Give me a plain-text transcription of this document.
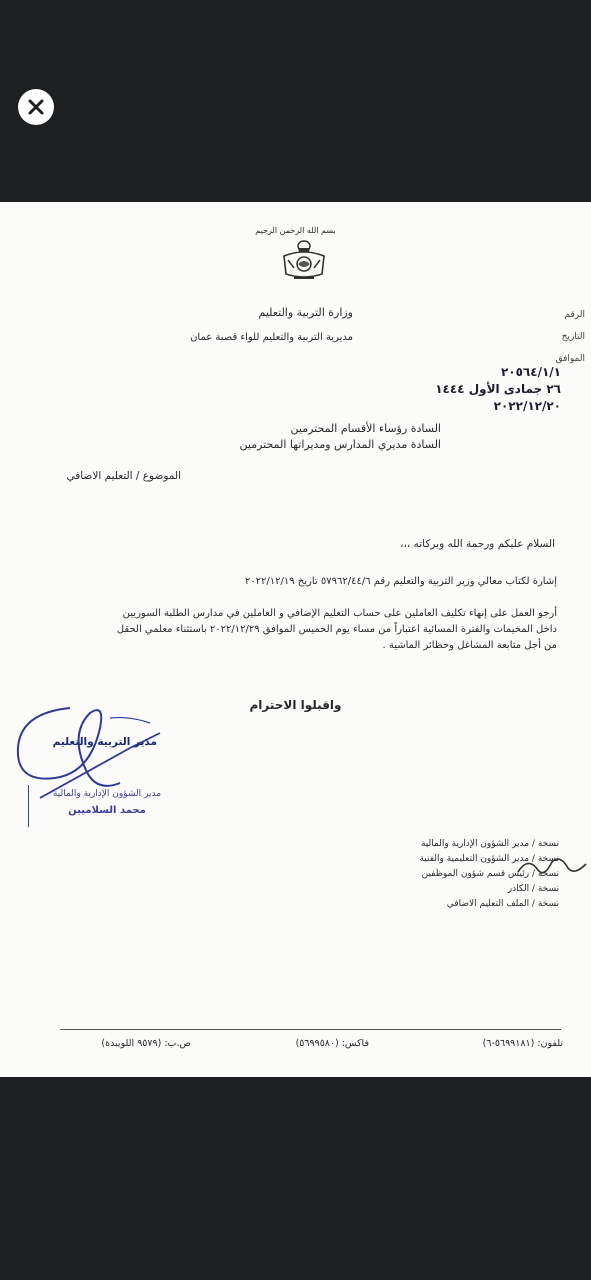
بسم الله الرحمن الرحيم
وزارة التربية والتعليم
مديرية التربية والتعليم للواء قصبة عمان
الرقم
التاريخ
الموافق
٢٠٥٦٤/١/١
٢٦ جمادى الأول ١٤٤٤
٢٠٢٢/١٢/٢٠
السادة رؤساء الأقسام المحترمين
السادة مديري المدارس ومديراتها المحترمين
الموضوع / التعليم الاضافي
السلام عليكم ورحمة الله وبركاته ،،،
إشارة لكتاب معالي وزير التربية والتعليم رقم ٥٧٩٦٢/٤٤/٦ تاريخ ٢٠٢٢/١٢/١٩
أرجو العمل على إنهاء تكليف العاملين على حساب التعليم الإضافي و العاملين في مدارس الطلبة السوريين
داخل المخيمات والفترة المسائية اعتباراً من مساء يوم الخميس الموافق ٢٠٢٢/١٢/٢٩ باستثناء معلمي الحقل
من أجل متابعة المشاغل وحظائر الماشية .
واقبلوا الاحترام
مدير التربية والتعليم
مدير الشؤون الإدارية والمالية
محمد السلاميين
نسخة / مدير الشؤون الإدارية والمالية
نسخة / مدير الشؤون التعليمية والفنية
نسخة / رئيس قسم شؤون الموظفين
نسخة / الكادر
نسخة / الملف التعليم الاضافي
تلفون: (٥٦٩٩١٨١-٦)
فاكس: (٥٦٩٩٥٨٠)
ص.ب: (٩٥٧٩ اللويبدة)
